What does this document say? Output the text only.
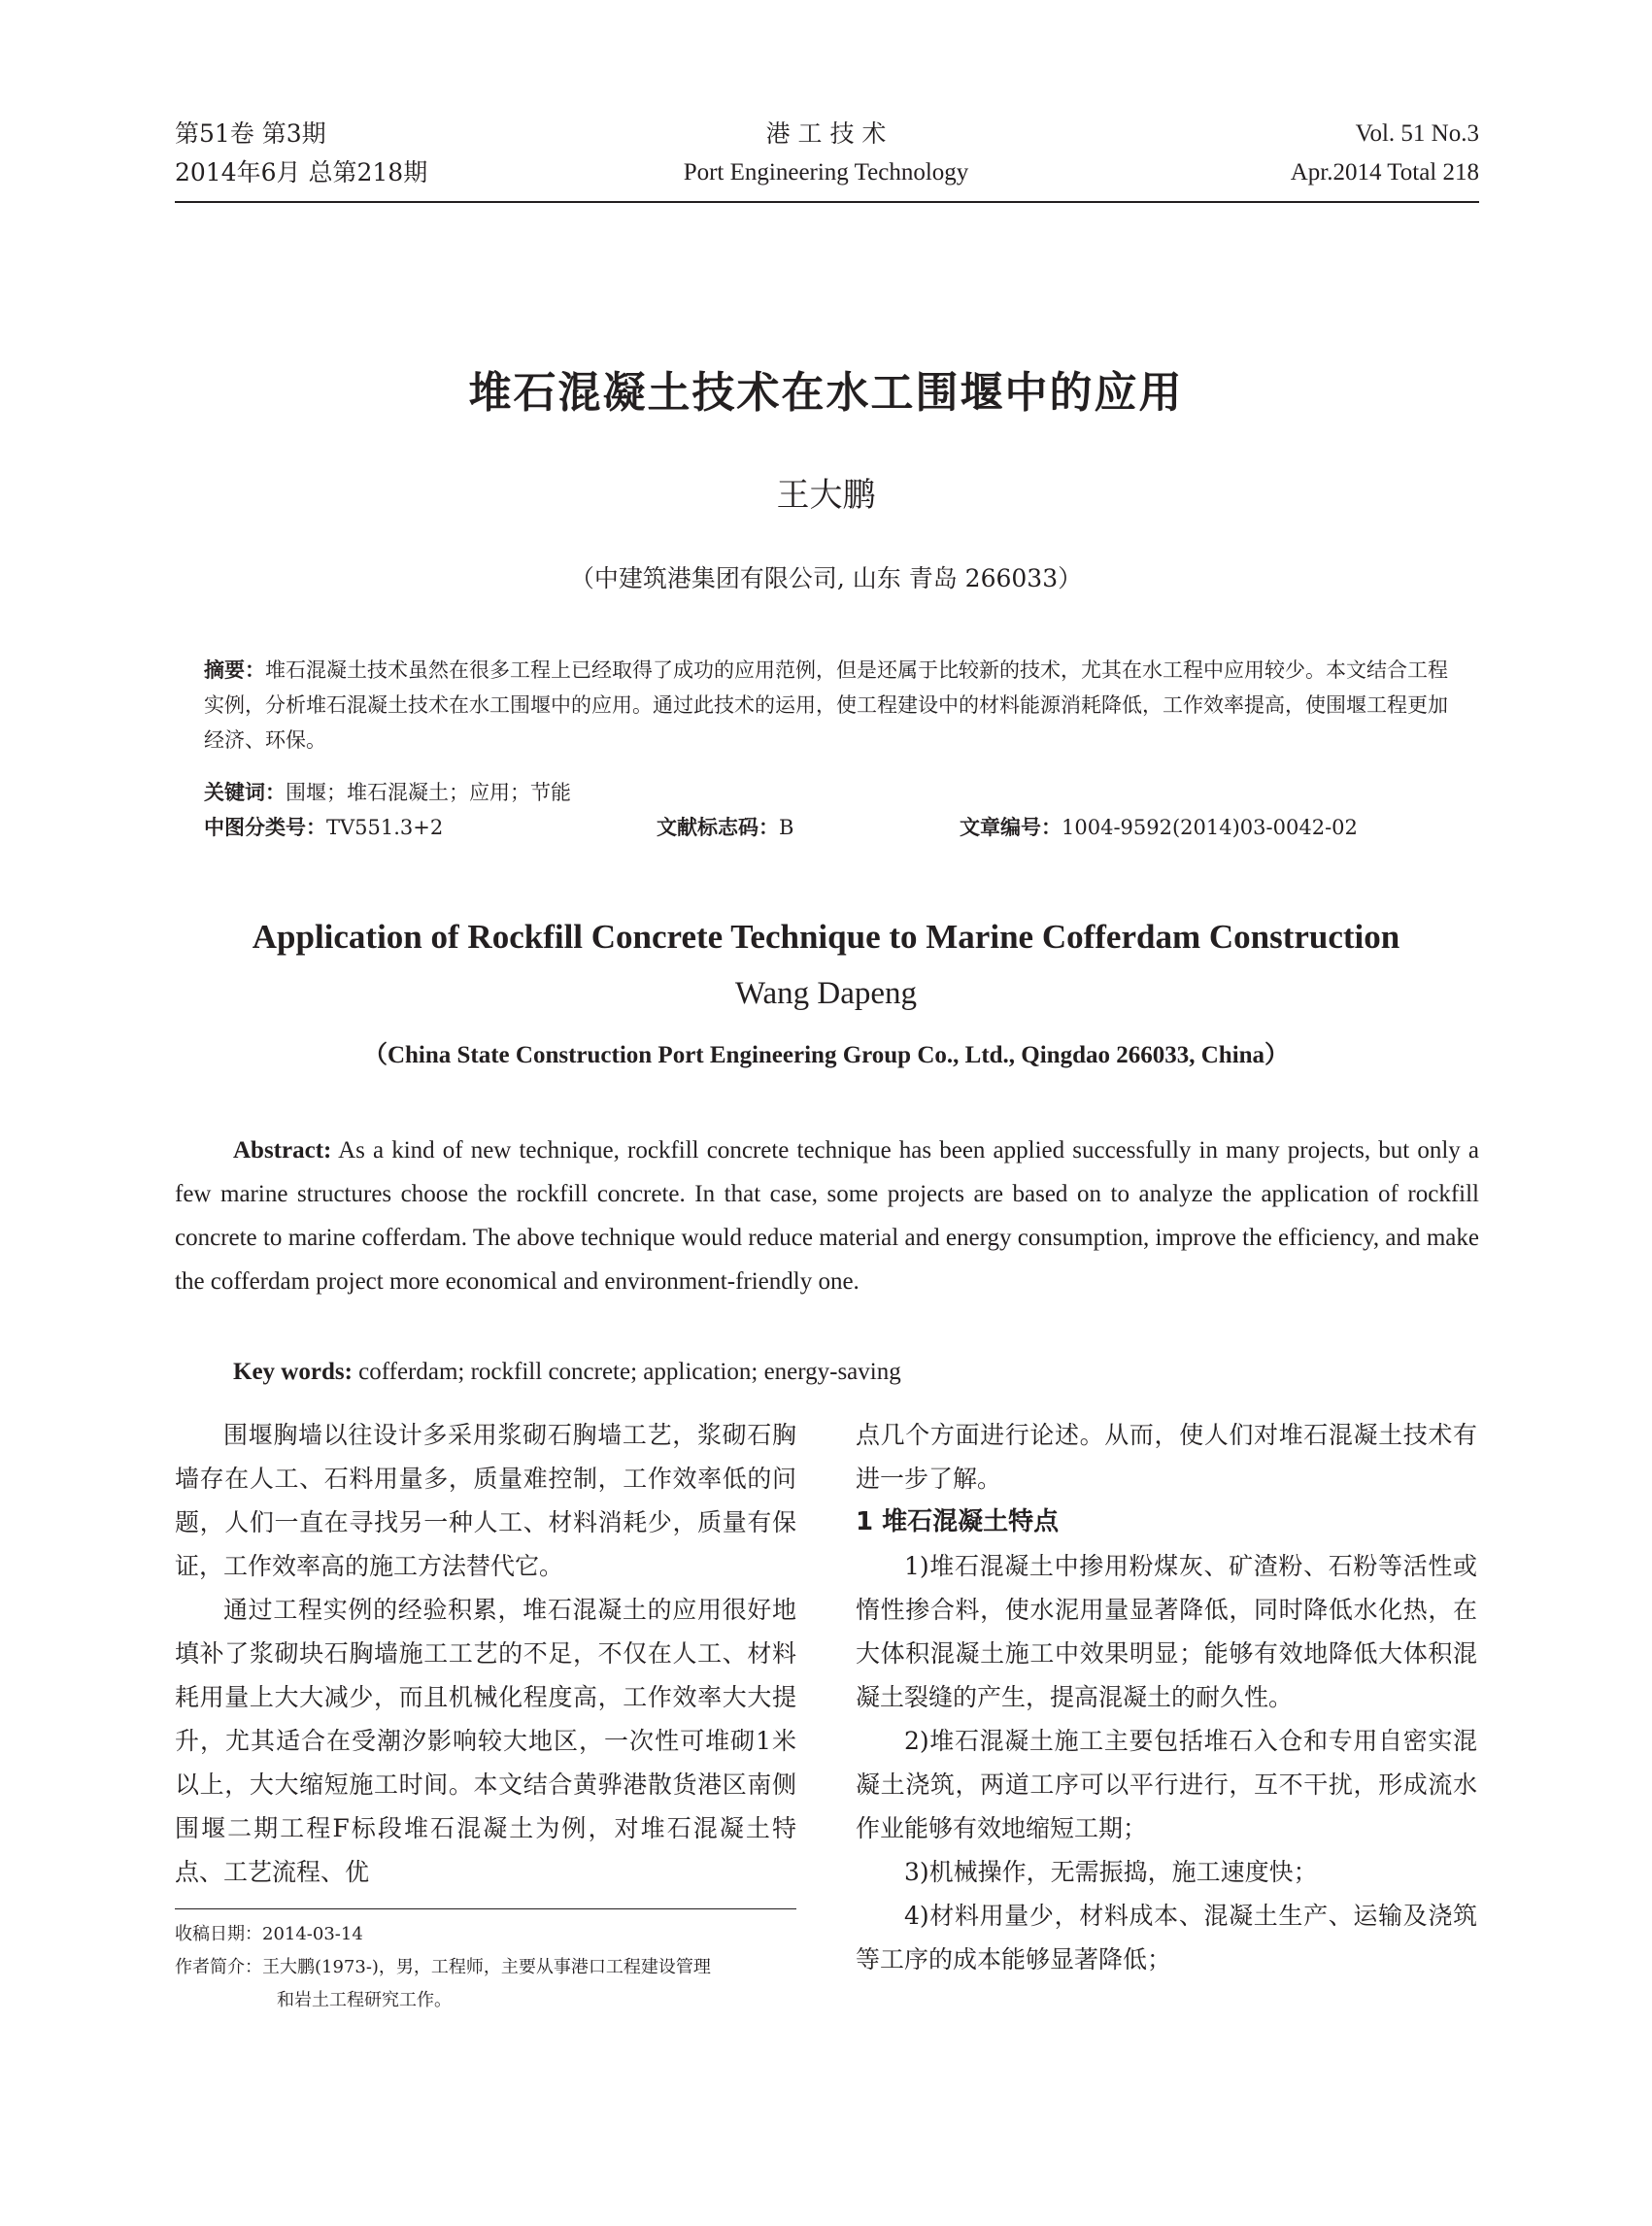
第51卷 第3期
2014年6月 总第218期
港 工 技 术
Port Engineering Technology
Vol. 51 No.3
Apr.2014 Total 218
堆石混凝土技术在水工围堰中的应用
王大鹏
（中建筑港集团有限公司, 山东 青岛 266033）
摘要：堆石混凝土技术虽然在很多工程上已经取得了成功的应用范例，但是还属于比较新的技术，尤其在水工程中应用较少。本文结合工程实例，分析堆石混凝土技术在水工围堰中的应用。通过此技术的运用，使工程建设中的材料能源消耗降低，工作效率提高，使围堰工程更加经济、环保。
关键词：围堰；堆石混凝土；应用；节能
中图分类号：TV551.3+2	文献标志码：B	文章编号：1004-9592(2014)03-0042-02
Application of Rockfill Concrete Technique to Marine Cofferdam Construction
Wang Dapeng
（China State Construction Port Engineering Group Co., Ltd., Qingdao 266033, China）
Abstract: As a kind of new technique, rockfill concrete technique has been applied successfully in many projects, but only a few marine structures choose the rockfill concrete. In that case, some projects are based on to analyze the application of rockfill concrete to marine cofferdam. The above technique would reduce material and energy consumption, improve the efficiency, and make the cofferdam project more economical and environment-friendly one.
Key words: cofferdam; rockfill concrete; application; energy-saving

围堰胸墙以往设计多采用浆砌石胸墙工艺，浆砌石胸墙存在人工、石料用量多，质量难控制，工作效率低的问题，人们一直在寻找另一种人工、材料消耗少，质量有保证，工作效率高的施工方法替代它。

通过工程实例的经验积累，堆石混凝土的应用很好地填补了浆砌块石胸墙施工工艺的不足，不仅在人工、材料耗用量上大大减少，而且机械化程度高，工作效率大大提升，尤其适合在受潮汐影响较大地区，一次性可堆砌1米以上，大大缩短施工时间。本文结合黄骅港散货港区南侧围堰二期工程F标段堆石混凝土为例，对堆石混凝土特点、工艺流程、优

点几个方面进行论述。从而，使人们对堆石混凝土技术有进一步了解。

1 堆石混凝土特点

1)堆石混凝土中掺用粉煤灰、矿渣粉、石粉等活性或惰性掺合料，使水泥用量显著降低，同时降低水化热，在大体积混凝土施工中效果明显；能够有效地降低大体积混凝土裂缝的产生，提高混凝土的耐久性。

2)堆石混凝土施工主要包括堆石入仓和专用自密实混凝土浇筑，两道工序可以平行进行，互不干扰，形成流水作业能够有效地缩短工期；

3)机械操作，无需振捣，施工速度快；

4)材料用量少，材料成本、混凝土生产、运输及浇筑等工序的成本能够显著降低；

收稿日期：2014-03-14
作者简介：王大鹏(1973-)，男，工程师，主要从事港口工程建设管理
和岩土工程研究工作。
